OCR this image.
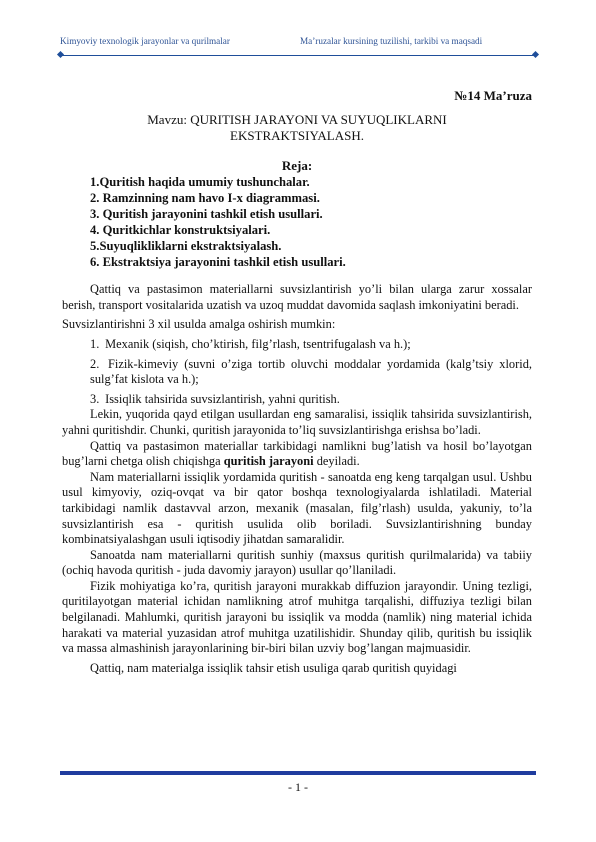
Kimyoviy texnologik jarayonlar va qurilmalar	Ma’ruzalar kursining tuzilishi, tarkibi va maqsadi
№14 Ma’ruza
Mavzu: QURITISH JARAYONI VA SUYUQLIKLARNI
EKSTRAKTSIYALASH.
Reja:
1.Quritish haqida umumiy tushunchalar.
2. Ramzinning nam havo I-x diagrammasi.
3. Quritish jarayonini tashkil etish usullari.
4. Quritkichlar konstruktsiyalari.
5.Suyuqlikliklarni ekstraktsiyalash.
6. Ekstraktsiya jarayonini tashkil etish usullari.

Qattiq va pastasimon materiallarni suvsizlantirish yo’li bilan ularga zarur xossalar berish, transport vositalarida uzatish va uzoq muddat davomida saqlash imkoniyatini beradi.

Suvsizlantirishni 3 xil usulda amalga oshirish mumkin:

1. Mexanik (siqish, cho’ktirish, filg’rlash, tsentrifugalash va h.);

2. Fizik-kimeviy (suvni o’ziga tortib oluvchi moddalar yordamida (kalg’tsiy xlorid, sulg’fat kislota va h.);

3. Issiqlik tahsirida suvsizlantirish, yahni quritish.

Lekin, yuqorida qayd etilgan usullardan eng samaralisi, issiqlik tahsirida suvsizlantirish, yahni quritishdir. Chunki, quritish jarayonida to’liq suvsizlantirishga erishsa bo’ladi.

Qattiq va pastasimon materiallar tarkibidagi namlikni bug’latish va hosil bo’layotgan bug’larni chetga olish chiqishga quritish jarayoni deyiladi.

Nam materiallarni issiqlik yordamida quritish - sanoatda eng keng tarqalgan usul. Ushbu usul kimyoviy, oziq-ovqat va bir qator boshqa texnologiyalarda ishlatiladi. Material tarkibidagi namlik dastavval arzon, mexanik (masalan, filg’rlash) usulda, yakuniy, to’la suvsizlantirish esa - quritish usulida olib boriladi. Suvsizlantirishning bunday kombinatsiyalashgan usuli iqtisodiy jihatdan samaralidir.

Sanoatda nam materiallarni quritish sunhiy (maxsus quritish qurilmalarida) va tabiiy (ochiq havoda quritish - juda davomiy jarayon) usullar qo’llaniladi.

Fizik mohiyatiga ko’ra, quritish jarayoni murakkab diffuzion jarayondir. Uning tezligi, quritilayotgan material ichidan namlikning atrof muhitga tarqalishi, diffuziya tezligi bilan belgilanadi. Mahlumki, quritish jarayoni bu issiqlik va modda (namlik) ning material ichida harakati va material yuzasidan atrof muhitga uzatilishidir. Shunday qilib, quritish bu issiqlik va massa almashinish jarayonlarining bir-biri bilan uzviy bog’langan majmuasidir.

Qattiq, nam materialga issiqlik tahsir etish usuliga qarab quritish quyidagi

- 1 -
